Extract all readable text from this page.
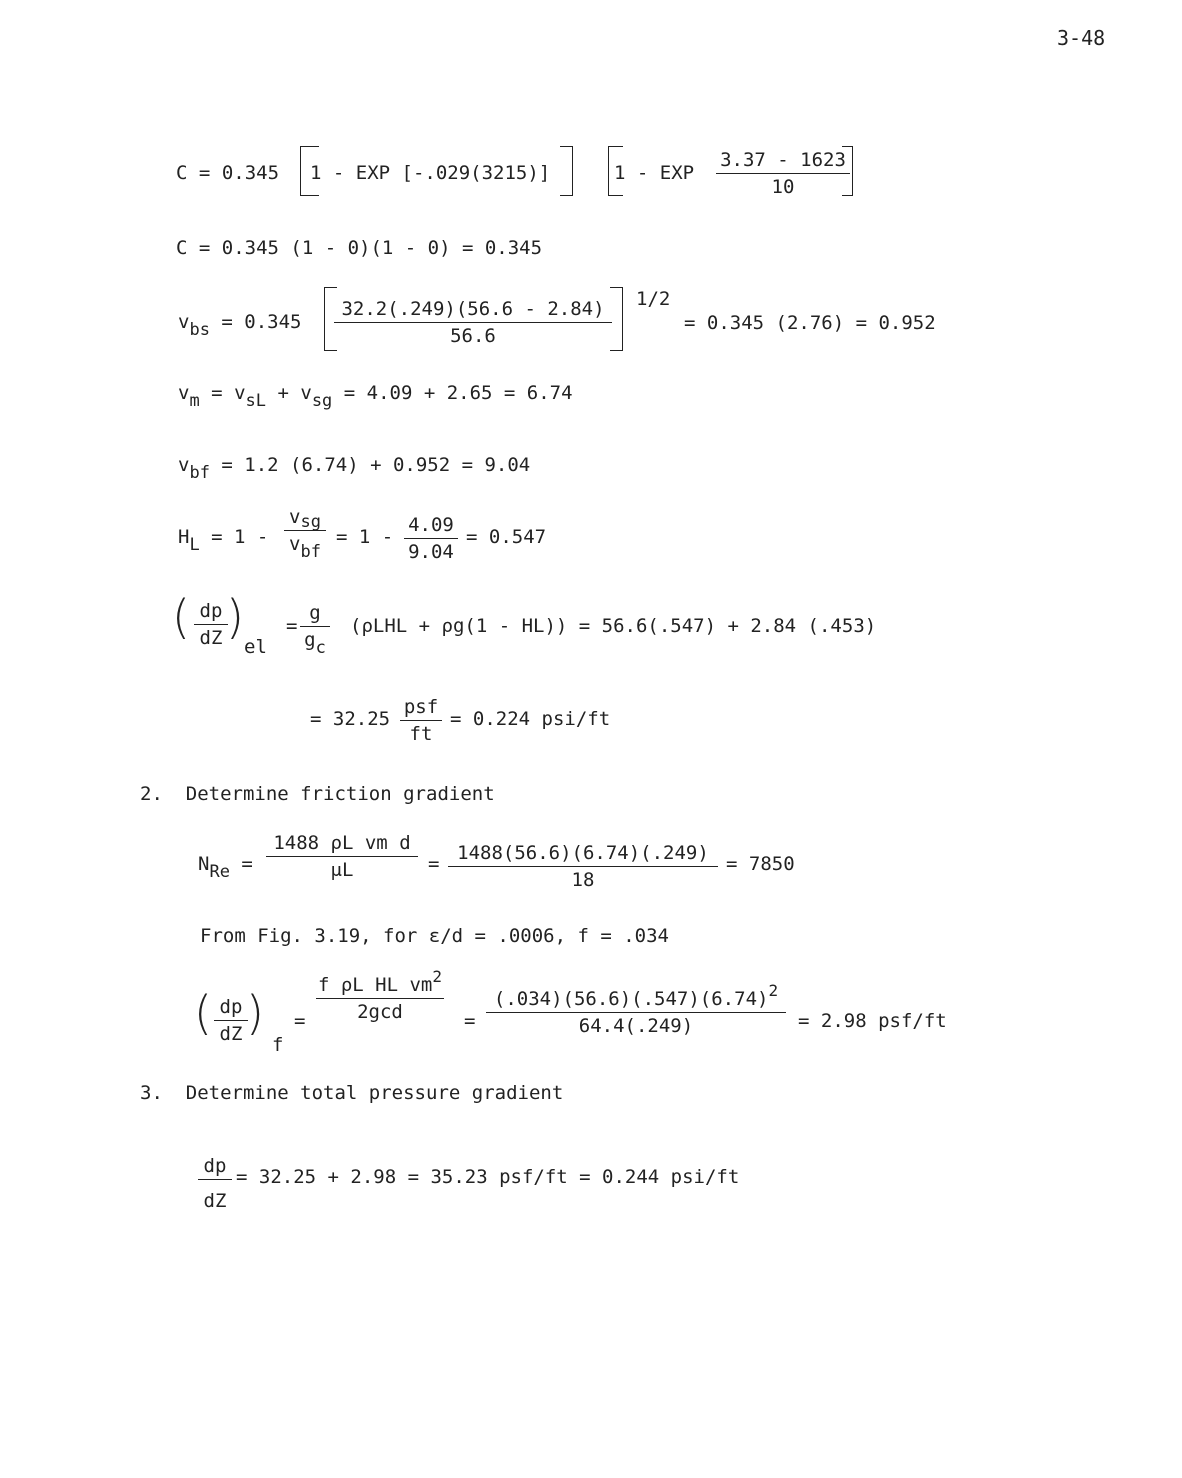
3-48
C = 0.345 1 - EXP [-.029(3215)]	1 - EXP $\frac{3.37 - 1623}{10}$
C = 0.345 (1 - 0)(1 - 0) = 0.345
vbs = $0.345 \frac{32.2(.249)(56.6 - 2.84)}{56.6}$
1/2
= 0.345 (2.76) = 0.952
vm = vsL + vsg = 4.09 + 2.65 = 6.74
vbf = 1.2 (6.74) + 0.952 = 9.04
HL = 1 -
vsg
vbf
= $1 - \frac{4.09}{9.04} = 0.547$
( $\frac{dp}{dZ}$
)
el
= $\frac{g}{gc} (\rho LHL + \rho g(1 - HL)) = 56.6(.547) + 2.84$ (.453)
= 32.25
psf
ft
= 0.224 psi/ft
2. Determine friction gradient
NRe = $\frac{\text{1488 ρL vm d}}{\mu L} = \frac{1488(56.6)(6.74)(.249)}{18} = 7850$
From Fig. 3.19, for ε/d = .0006, f = .034
( $\frac{dp}{dZ}$
)
f
=
f ρL HL $vm^2$
2gcd	= $\frac{(.034)(56.6)(.547)(6.74)^2}{64.4(.249)} = 2.98$ psf/ft
3. Determine total pressure gradient
$\frac{dp}{dZ} = 32.25 + 2.98 = 35.23$ psf/ft = 0.244 psi/ft
